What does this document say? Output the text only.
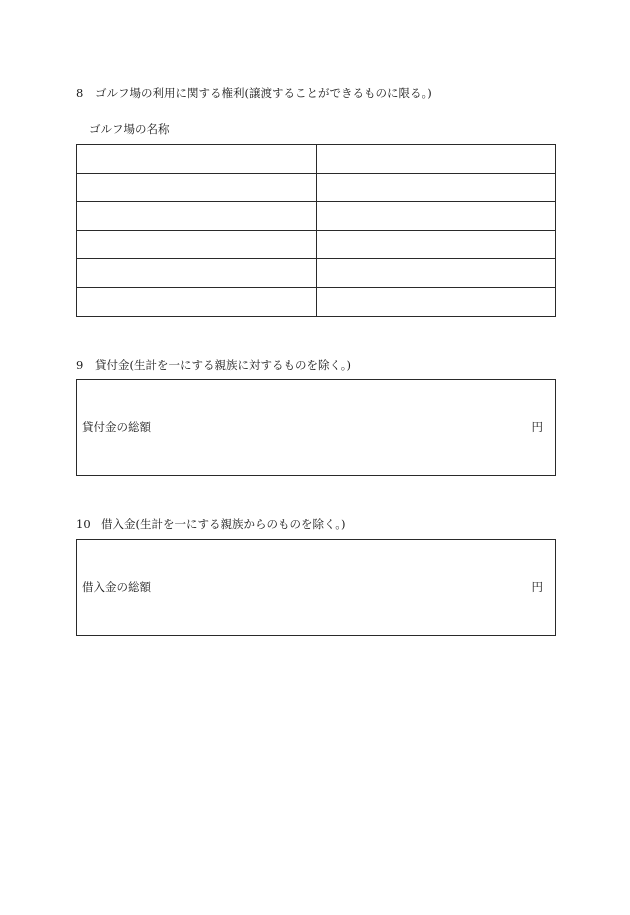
8 ゴルフ場の利用に関する権利(譲渡することができるものに限る。)
ゴルフ場の名称

9 貸付金(生計を一にする親族に対するものを除く。)
貸付金の総額	円
10 借入金(生計を一にする親族からのものを除く。)
借入金の総額	円
